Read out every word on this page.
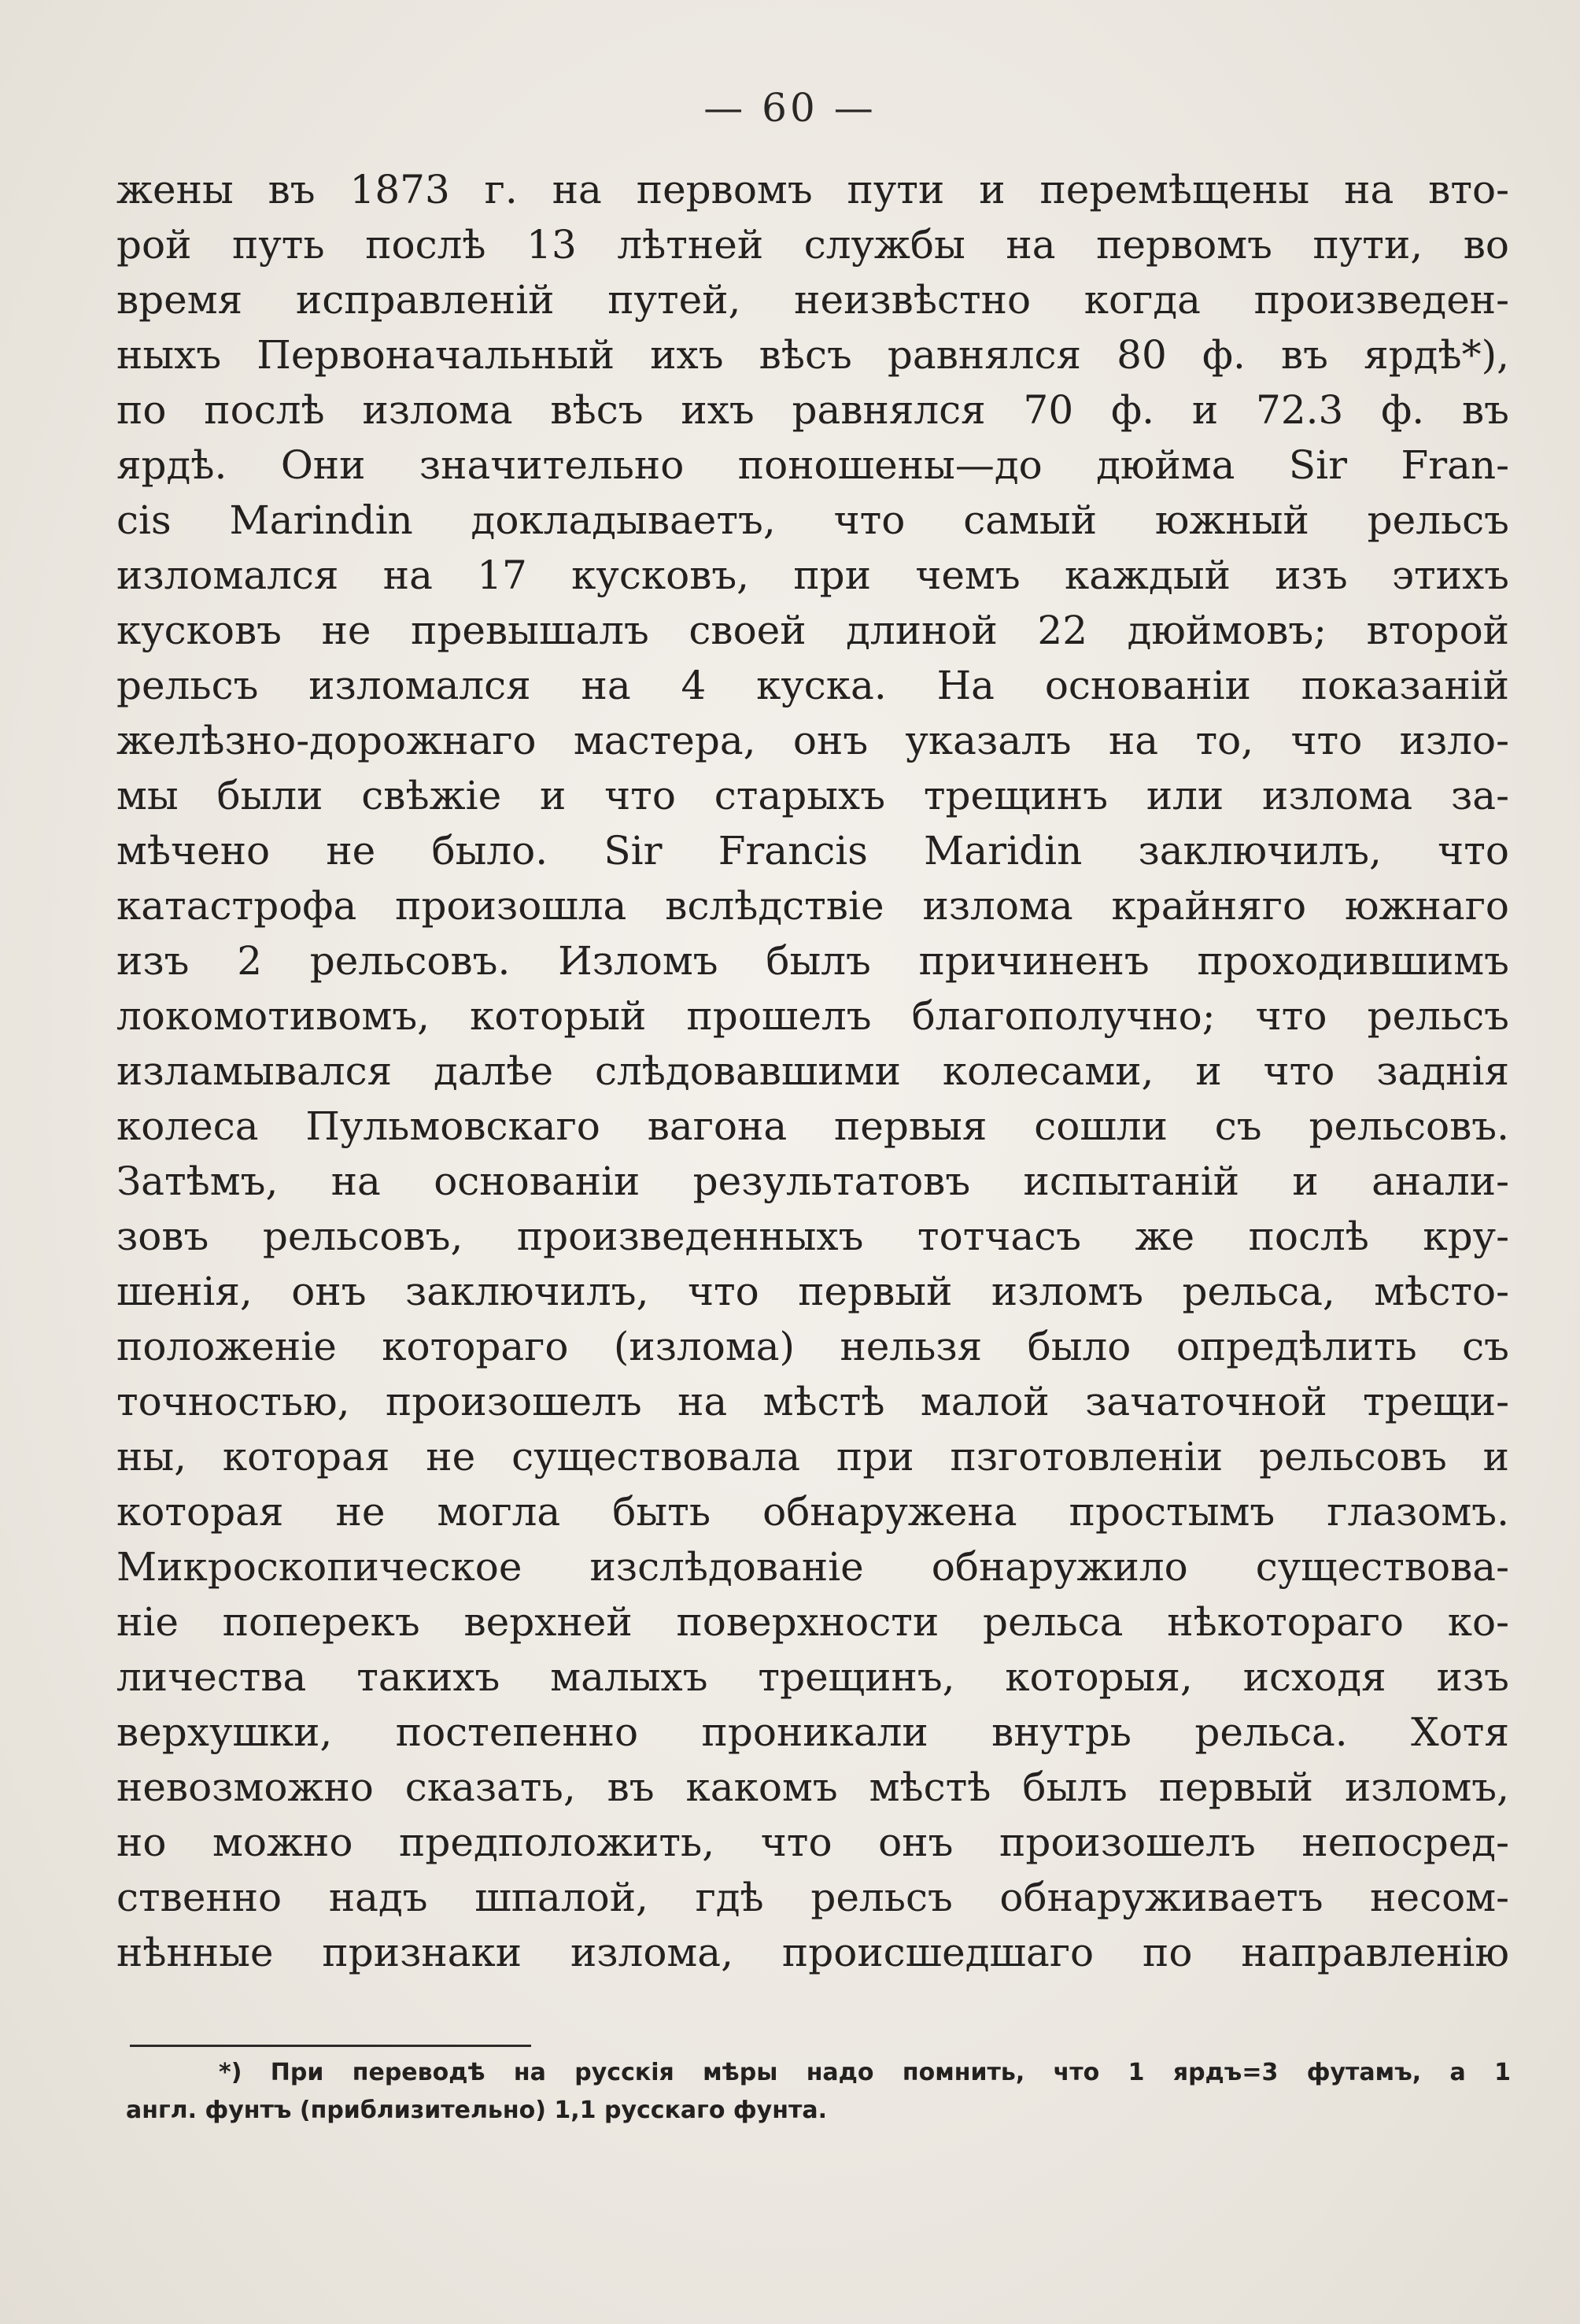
— 60 —
жены въ 1873 г. на первомъ пути и перемѣщены на вто-
рой путь послѣ 13 лѣтней службы на первомъ пути, во
время исправленій путей, неизвѣстно когда произведен-
ныхъ Первоначальный ихъ вѣсъ равнялся 80 ф. въ ярдѣ*),
по послѣ излома вѣсъ ихъ равнялся 70 ф. и 72.3 ф. въ
ярдѣ. Они значительно поношены—до дюйма Sir Fran-
cis Marindin докладываетъ, что самый южный рельсъ
изломался на 17 кусковъ, при чемъ каждый изъ этихъ
кусковъ не превышалъ своей длиной 22 дюймовъ; второй
рельсъ изломался на 4 куска. На основаніи показаній
желѣзно-дорожнаго мастера, онъ указалъ на то, что изло-
мы были свѣжіе и что старыхъ трещинъ или излома за-
мѣчено не было. Sir Francis Maridin заключилъ, что
катастрофа произошла вслѣдствіе излома крайняго южнаго
изъ 2 рельсовъ. Изломъ былъ причиненъ проходившимъ
локомотивомъ, который прошелъ благополучно; что рельсъ
изламывался далѣе слѣдовавшими колесами, и что заднія
колеса Пульмовскаго вагона первыя сошли съ рельсовъ.
Затѣмъ, на основаніи результатовъ испытаній и анали-
зовъ рельсовъ, произведенныхъ тотчасъ же послѣ кру-
шенія, онъ заключилъ, что первый изломъ рельса, мѣсто-
положеніе котораго (излома) нельзя было опредѣлить съ
точностью, произошелъ на мѣстѣ малой зачаточной трещи-
ны, которая не существовала при пзготовленіи рельсовъ и
которая не могла быть обнаружена простымъ глазомъ.
Микроскопическое изслѣдованіе обнаружило существова-
ніе поперекъ верхней поверхности рельса нѣкотораго ко-
личества такихъ малыхъ трещинъ, которыя, исходя изъ
верхушки, постепенно проникали внутрь рельса. Хотя
невозможно сказать, въ какомъ мѣстѣ былъ первый изломъ,
но можно предположить, что онъ произошелъ непосред-
ственно надъ шпалой, гдѣ рельсъ обнаруживаетъ несом-
нѣнные признаки излома, происшедшаго по направленію
*) При переводѣ на русскія мѣры надо помнить, что 1 ярдъ=3 футамъ, а 1
англ. фунтъ (приблизительно) 1,1 русскаго фунта.
